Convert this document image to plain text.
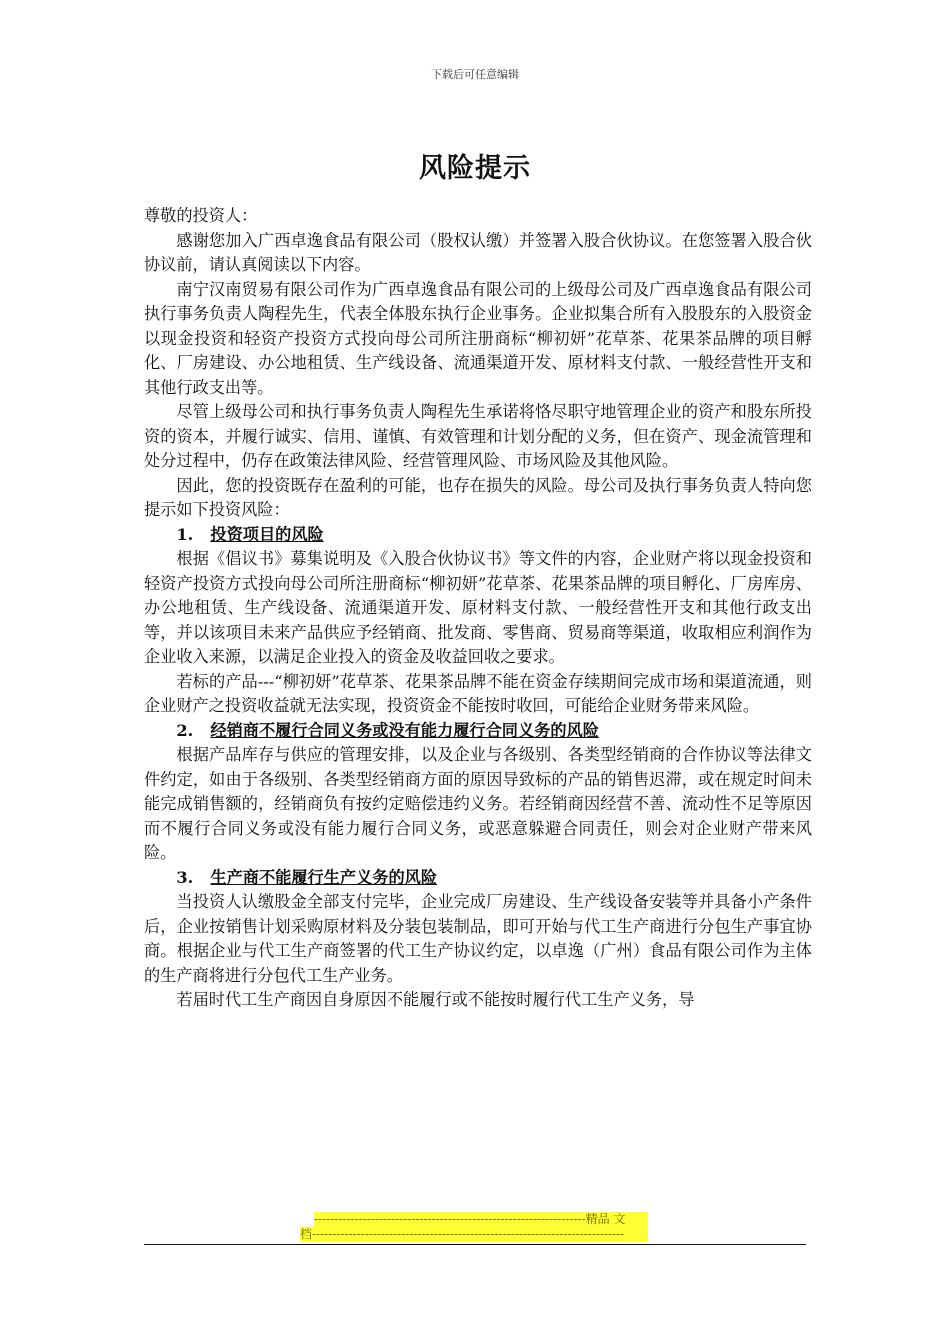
下载后可任意编辑
风险提示

尊敬的投资人：

感谢您加入广西卓逸食品有限公司（股权认缴）并签署入股合伙协议。在您签署入股合伙协议前，请认真阅读以下内容。

南宁汉南贸易有限公司作为广西卓逸食品有限公司的上级母公司及广西卓逸食品有限公司执行事务负责人陶程先生，代表全体股东执行企业事务。企业拟集合所有入股股东的入股资金以现金投资和轻资产投资方式投向母公司所注册商标“柳初妍”花草茶、花果茶品牌的项目孵化、厂房建设、办公地租赁、生产线设备、流通渠道开发、原材料支付款、一般经营性开支和其他行政支出等。

尽管上级母公司和执行事务负责人陶程先生承诺将恪尽职守地管理企业的资产和股东所投资的资本，并履行诚实、信用、谨慎、有效管理和计划分配的义务，但在资产、现金流管理和处分过程中，仍存在政策法律风险、经营管理风险、市场风险及其他风险。

因此，您的投资既存在盈利的可能，也存在损失的风险。母公司及执行事务负责人特向您提示如下投资风险：

1. 投资项目的风险

根据《倡议书》募集说明及《入股合伙协议书》等文件的内容，企业财产将以现金投资和轻资产投资方式投向母公司所注册商标“柳初妍”花草茶、花果茶品牌的项目孵化、厂房库房、办公地租赁、生产线设备、流通渠道开发、原材料支付款、一般经营性开支和其他行政支出等，并以该项目未来产品供应予经销商、批发商、零售商、贸易商等渠道，收取相应利润作为企业收入来源，以满足企业投入的资金及收益回收之要求。

若标的产品---“柳初妍”花草茶、花果茶品牌不能在资金存续期间完成市场和渠道流通，则企业财产之投资收益就无法实现，投资资金不能按时收回，可能给企业财务带来风险。

2. 经销商不履行合同义务或没有能力履行合同义务的风险

根据产品库存与供应的管理安排，以及企业与各级别、各类型经销商的合作协议等法律文件约定，如由于各级别、各类型经销商方面的原因导致标的产品的销售迟滞，或在规定时间未能完成销售额的，经销商负有按约定赔偿违约义务。若经销商因经营不善、流动性不足等原因而不履行合同义务或没有能力履行合同义务，或恶意躲避合同责任，则会对企业财产带来风险。

3. 生产商不能履行生产义务的风险

当投资人认缴股金全部支付完毕，企业完成厂房建设、生产线设备安装等并具备小产条件后，企业按销售计划采购原材料及分装包装制品，即可开始与代工生产商进行分包生产事宜协商。根据企业与代工生产商签署的代工生产协议约定，以卓逸（广州）食品有限公司作为主体的生产商将进行分包代工生产业务。

若届时代工生产商因自身原因不能履行或不能按时履行代工生产义务，导

-------------------------------------------------------------------精品 文
档-----------------------------------------------------------------------------
